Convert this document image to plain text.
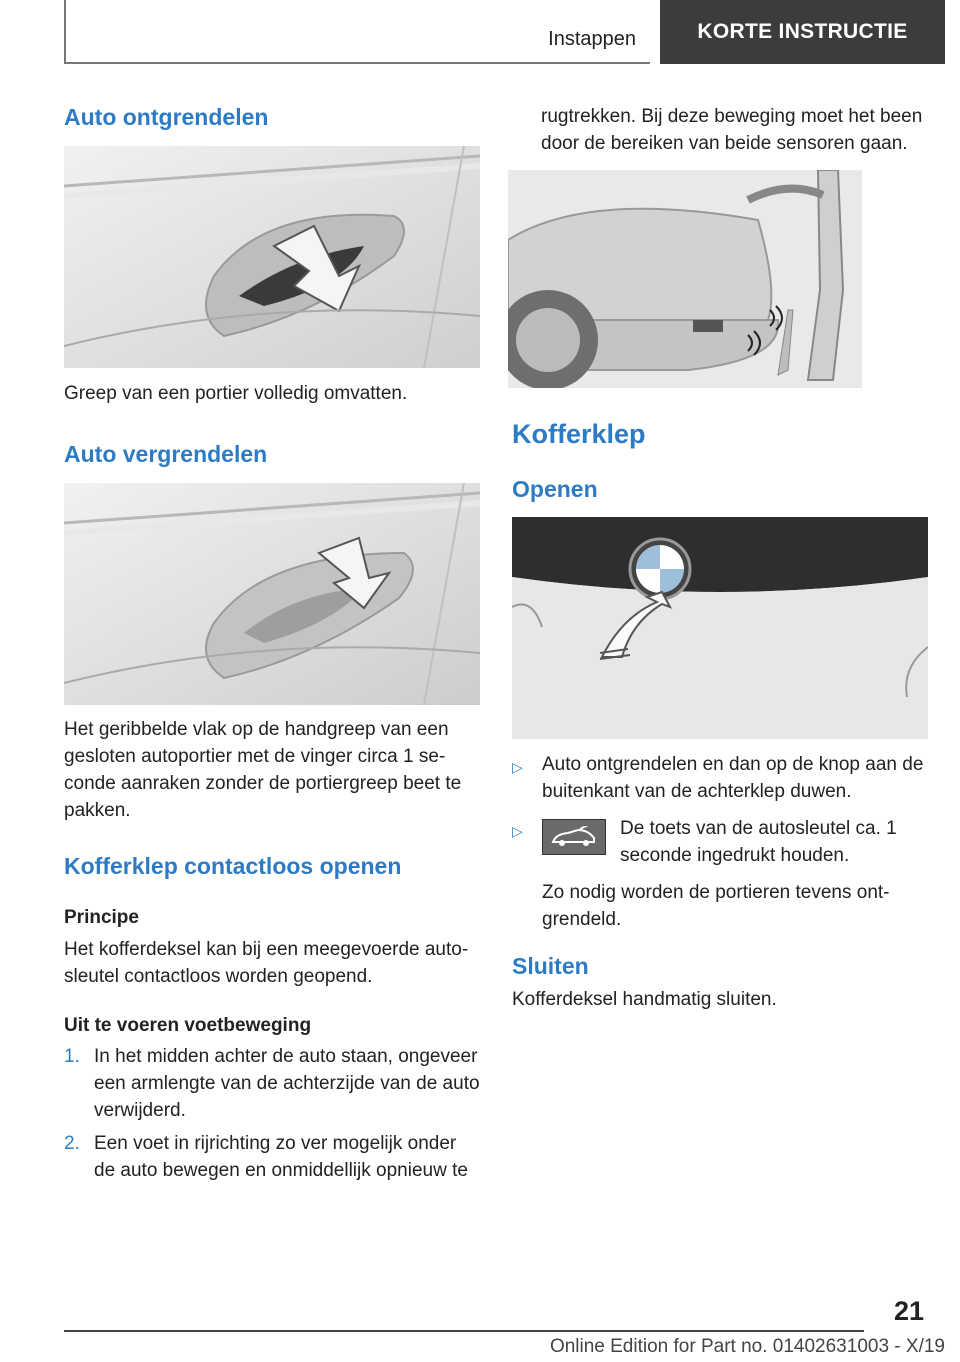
Instappen	KORTE INSTRUCTIE
Auto ontgrendelen
Greep van een portier volledig omvatten.
Auto vergrendelen
Het geribbelde vlak op de handgreep van een gesloten autoportier met de vinger circa 1 seconde aanraken zonder de portiergreep beet te pakken.
Kofferklep contactloos openen
Principe
Het kofferdeksel kan bij een meegevoerde autosleutel contactloos worden geopend.
Uit te voeren voetbeweging
1. In het midden achter de auto staan, ongeveer een armlengte van de achterzijde van de auto verwijderd.
2. Een voet in rijrichting zo ver mogelijk onder de auto bewegen en onmiddellijk opnieuw te
rugtrekken. Bij deze beweging moet het been door de bereiken van beide sensoren gaan.
Kofferklep
Openen
▷	Auto ontgrendelen en dan op de knop aan de buitenkant van de achterklep duwen.
▷	De toets van de autosleutel ca. 1 seconde ingedrukt houden.
Zo nodig worden de portieren tevens ontgrendeld.
Sluiten
Kofferdeksel handmatig sluiten.
21
Online Edition for Part no. 01402631003 - X/19
